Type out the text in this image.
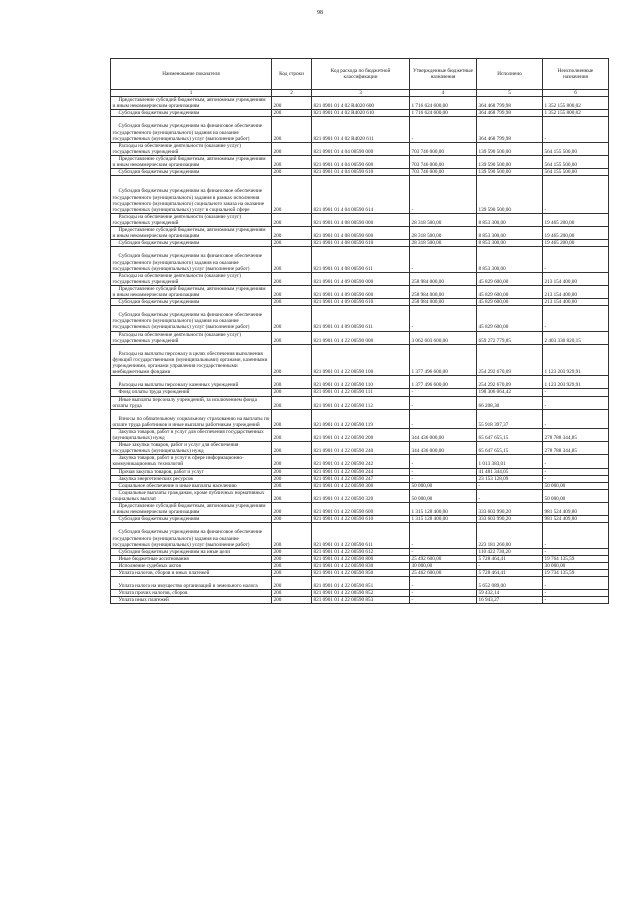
98
Наименование показателя	Код строки	Код расхода по бюджетной классификации	Утвержденные бюджетные назначения	Исполнено	Неисполненные назначения
1	2	3	4	5	6
Предоставление субсидий бюджетным, автономным учреждениям и иным некоммерческим организациям	200	821 0901 01 4 02 R4020 600	1 716 624 600,00	364 468 799,98	1 352 155 800,02
Субсидии бюджетным учреждениям	200	821 0901 01 4 02 R4020 610	1 716 624 600,00	364 468 799,98	1 352 155 800,02
Субсидии бюджетным учреждениям на финансовое обеспечение государственного (муниципального) задания на оказание государственных (муниципальных) услуг (выполнение работ)	200	821 0901 01 4 02 R4020 611	-	364 468 799,98	-
Расходы на обеспечение деятельности (оказание услуг) государственных учреждений	200	821 0901 01 4 04 00590 000	703 746 000,00	139 590 500,00	564 155 500,00
Предоставление субсидий бюджетным, автономным учреждениям и иным некоммерческим организациям	200	821 0901 01 4 04 00590 600	703 746 000,00	139 590 500,00	564 155 500,00
Субсидии бюджетным учреждениям	200	821 0901 01 4 04 00590 610	703 746 000,00	139 590 500,00	564 155 500,00
Субсидии бюджетным учреждениям на финансовое обеспечение государственного (муниципального) задания в рамках исполнения государственного (муниципального) социального заказа на оказание государственных (муниципальных) услуг в социальной сфере	200	821 0901 01 4 04 00590 614	-	139 590 500,00	-
Расходы на обеспечение деятельности (оказание услуг) государственных учреждений	200	821 0901 01 4 08 00590 000	28 318 500,00	8 853 300,00	19 465 200,00
Предоставление субсидий бюджетным, автономным учреждениям и иным некоммерческим организациям	200	821 0901 01 4 08 00590 600	28 318 500,00	8 853 300,00	19 465 200,00
Субсидии бюджетным учреждениям	200	821 0901 01 4 08 00590 610	28 318 500,00	8 853 300,00	19 465 200,00
Субсидии бюджетным учреждениям на финансовое обеспечение государственного (муниципального) задания на оказание государственных (муниципальных) услуг (выполнение работ)	200	821 0901 01 4 08 00590 611	-	8 853 300,00	-
Расходы на обеспечение деятельности (оказание услуг) государственных учреждений	200	821 0901 01 4 09 00590 000	258 984 000,00	45 829 600,00	213 154 400,00
Предоставление субсидий бюджетным, автономным учреждениям и иным некоммерческим организациям	200	821 0901 01 4 09 00590 600	258 984 000,00	45 829 600,00	213 154 400,00
Субсидии бюджетным учреждениям	200	821 0901 01 4 09 00590 610	258 984 000,00	45 829 600,00	213 154 400,00
Субсидии бюджетным учреждениям на финансовое обеспечение государственного (муниципального) задания на оказание государственных (муниципальных) услуг (выполнение работ)	200	821 0901 01 4 09 00590 611	-	45 829 600,00	-
Расходы на обеспечение деятельности (оказание услуг) государственных учреждений	200	821 0901 01 4 22 00590 000	3 062 603 600,00	659 272 779,85	2 403 330 820,15
Расходы на выплаты персоналу в целях обеспечения выполнения функций государственными (муниципальными) органами, казенными учреждениями, органами управления государственными внебюджетными фондами	200	821 0901 01 4 22 00590 100	1 377 496 600,00	254 292 670,09	1 123 203 929,91
Расходы на выплаты персоналу казенных учреждений	200	821 0901 01 4 22 00590 110	1 377 496 600,00	254 292 670,09	1 123 203 929,91
Фонд оплаты труда учреждений	200	821 0901 01 4 22 00590 111	-	198 306 064,42	-
Иные выплаты персоналу учреждений, за исключением фонда оплаты труда	200	821 0901 01 4 22 00590 112	-	66 208,30	-
Взносы по обязательному социальному страхованию на выплаты по оплате труда работников и иные выплаты работникам учреждений	200	821 0901 01 4 22 00590 119	-	55 918 397,37	-
Закупка товаров, работ и услуг для обеспечения государственных (муниципальных) нужд	200	821 0901 01 4 22 00590 200	344 436 000,00	65 647 655,15	278 788 344,85
Иные закупки товаров, работ и услуг для обеспечения государственных (муниципальных) нужд	200	821 0901 01 4 22 00590 240	344 436 000,00	65 647 655,15	278 788 344,85
Закупка товаров, работ и услуг в сфере информационно-коммуникационных технологий	200	821 0901 01 4 22 00590 242	-	1 013 383,01	-
Прочая закупка товаров, работ и услуг	200	821 0901 01 4 22 00590 244	-	41 481 344,05	-
Закупка энергетических ресурсов	200	821 0901 01 4 22 00590 247	-	23 153 128,09	-
Социальное обеспечение и иные выплаты населению	200	821 0901 01 4 22 00590 300	50 000,00	-	50 000,00
Социальные выплаты гражданам, кроме публичных нормативных социальных выплат	200	821 0901 01 4 22 00590 320	50 000,00	-	50 000,00
Предоставление субсидий бюджетным, автономным учреждениям и иным некоммерческим организациям	200	821 0901 01 4 22 00590 600	1 315 128 400,00	333 603 990,20	981 524 409,80
Субсидии бюджетным учреждениям	200	821 0901 01 4 22 00590 610	1 315 128 400,00	333 603 990,20	981 524 409,80
Субсидии бюджетным учреждениям на финансовое обеспечение государственного (муниципального) задания на оказание государственных (муниципальных) услуг (выполнение работ)	200	821 0901 01 4 22 00590 611	-	223 181 260,00	-
Субсидии бюджетным учреждениям на иные цели	200	821 0901 01 4 22 00590 612	-	110 422 730,20	-
Иные бюджетные ассигнования	200	821 0901 01 4 22 00590 800	25 492 600,00	5 728 464,41	19 764 135,59
Исполнение судебных актов	200	821 0901 01 4 22 00590 830	30 000,00	-	30 000,00
Уплата налогов, сборов и иных платежей	200	821 0901 01 4 22 00590 850	25 462 600,00	5 728 464,41	19 734 135,59
Уплата налога на имущество организаций и земельного налога	200	821 0901 01 4 22 00590 851	-	5 652 089,00	-
Уплата прочих налогов, сборов	200	821 0901 01 4 22 00590 852	-	59 432,14	-
Уплата иных платежей	200	821 0901 01 4 22 00590 853	-	16 943,27	-
